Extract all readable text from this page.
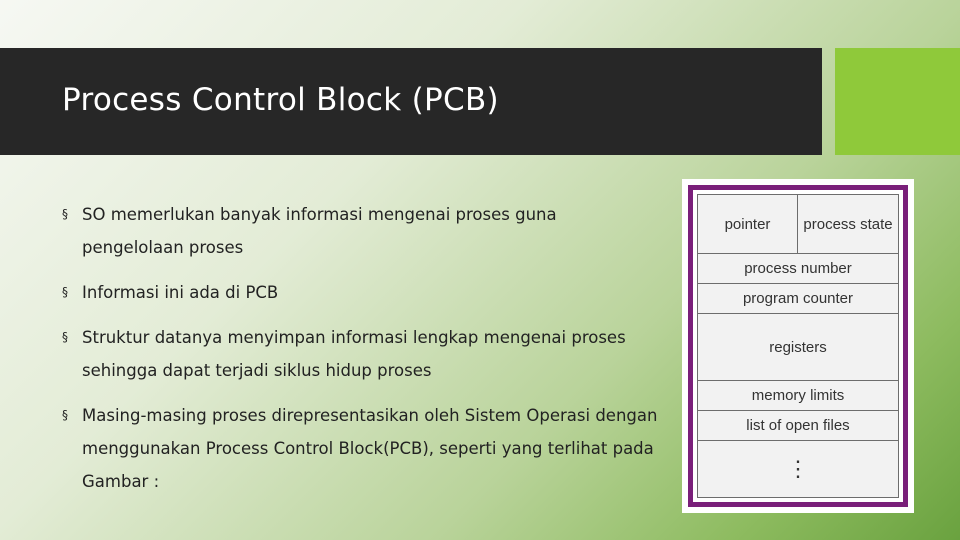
Process Control Block (PCB)
§ SO memerlukan banyak informasi mengenai proses guna pengelolaan proses
§ Informasi ini ada di PCB
§ Struktur datanya menyimpan informasi lengkap mengenai proses sehingga dapat terjadi siklus hidup proses
§ Masing-masing proses direpresentasikan oleh Sistem Operasi dengan menggunakan Process Control Block(PCB), seperti yang terlihat pada Gambar :
pointer	process state
process number
program counter
registers
memory limits
list of open files
⋮
